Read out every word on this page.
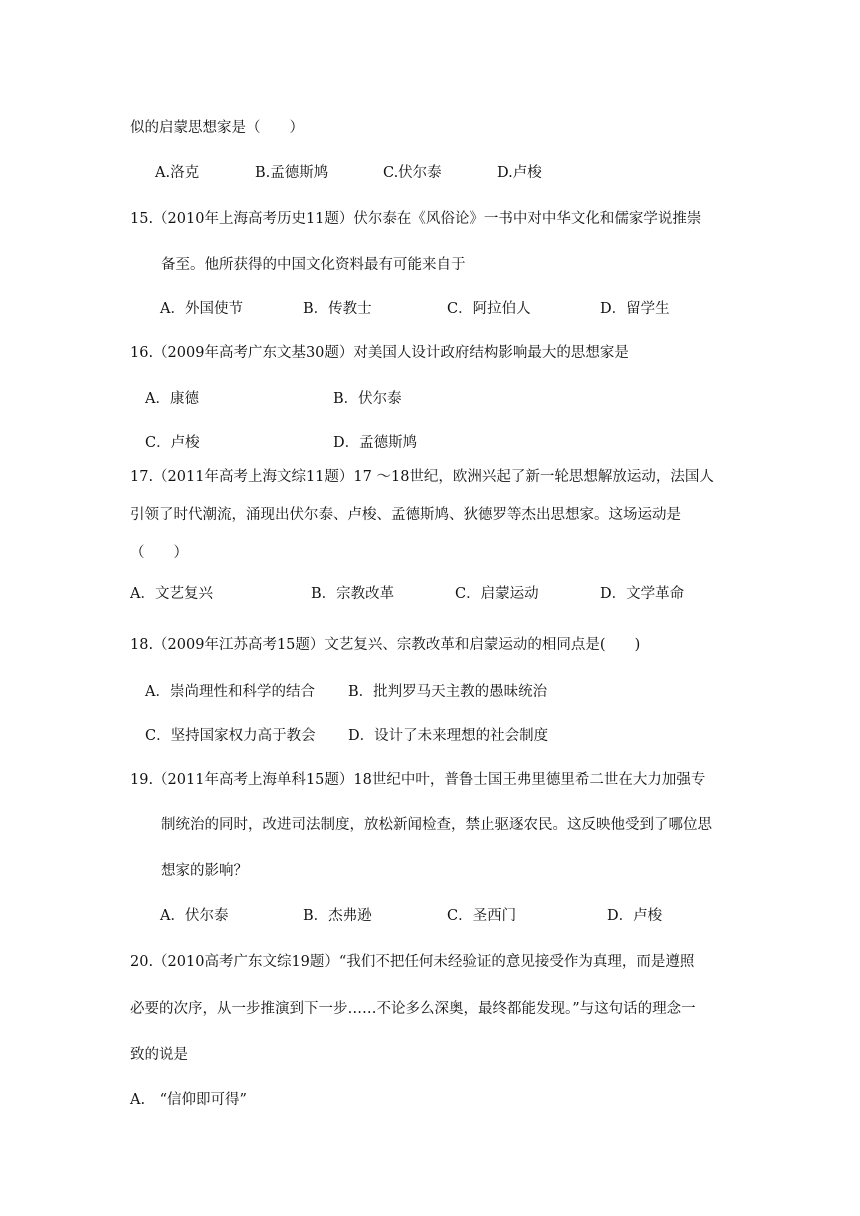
似的启蒙思想家是（　　）
A.洛克	B.孟德斯鸠	C.伏尔泰	D.卢梭
15.（2010年上海高考历史11题）伏尔泰在《风俗论》一书中对中华文化和儒家学说推崇
备至。他所获得的中国文化资料最有可能来自于
A．外国使节	B．传教士	C．阿拉伯人	D．留学生
16.（2009年高考广东文基30题）对美国人设计政府结构影响最大的思想家是
A．康德	B．伏尔泰
C．卢梭	D．孟德斯鸠
17.（2011年高考上海文综11题）17 ～18世纪，欧洲兴起了新一轮思想解放运动，法国人
引领了时代潮流，涌现出伏尔泰、卢梭、孟德斯鸠、狄德罗等杰出思想家。这场运动是
（　　）
A．文艺复兴	B．宗教改革	C．启蒙运动	D．文学革命
18.（2009年江苏高考15题）文艺复兴、宗教改革和启蒙运动的相同点是(　　)
A．崇尚理性和科学的结合 B．批判罗马天主教的愚昧统治
C．坚持国家权力高于教会 D．设计了未来理想的社会制度
19.（2011年高考上海单科15题）18世纪中叶，普鲁士国王弗里德里希二世在大力加强专
制统治的同时，改进司法制度，放松新闻检查，禁止驱逐农民。这反映他受到了哪位思
想家的影响？
A．伏尔泰	B．杰弗逊	C．圣西门	D．卢梭
20.（2010高考广东文综19题）“我们不把任何未经验证的意见接受作为真理，而是遵照
必要的次序，从一步推演到下一步……不论多么深奥，最终都能发现。”与这句话的理念一
致的说是
A.　“信仰即可得”
